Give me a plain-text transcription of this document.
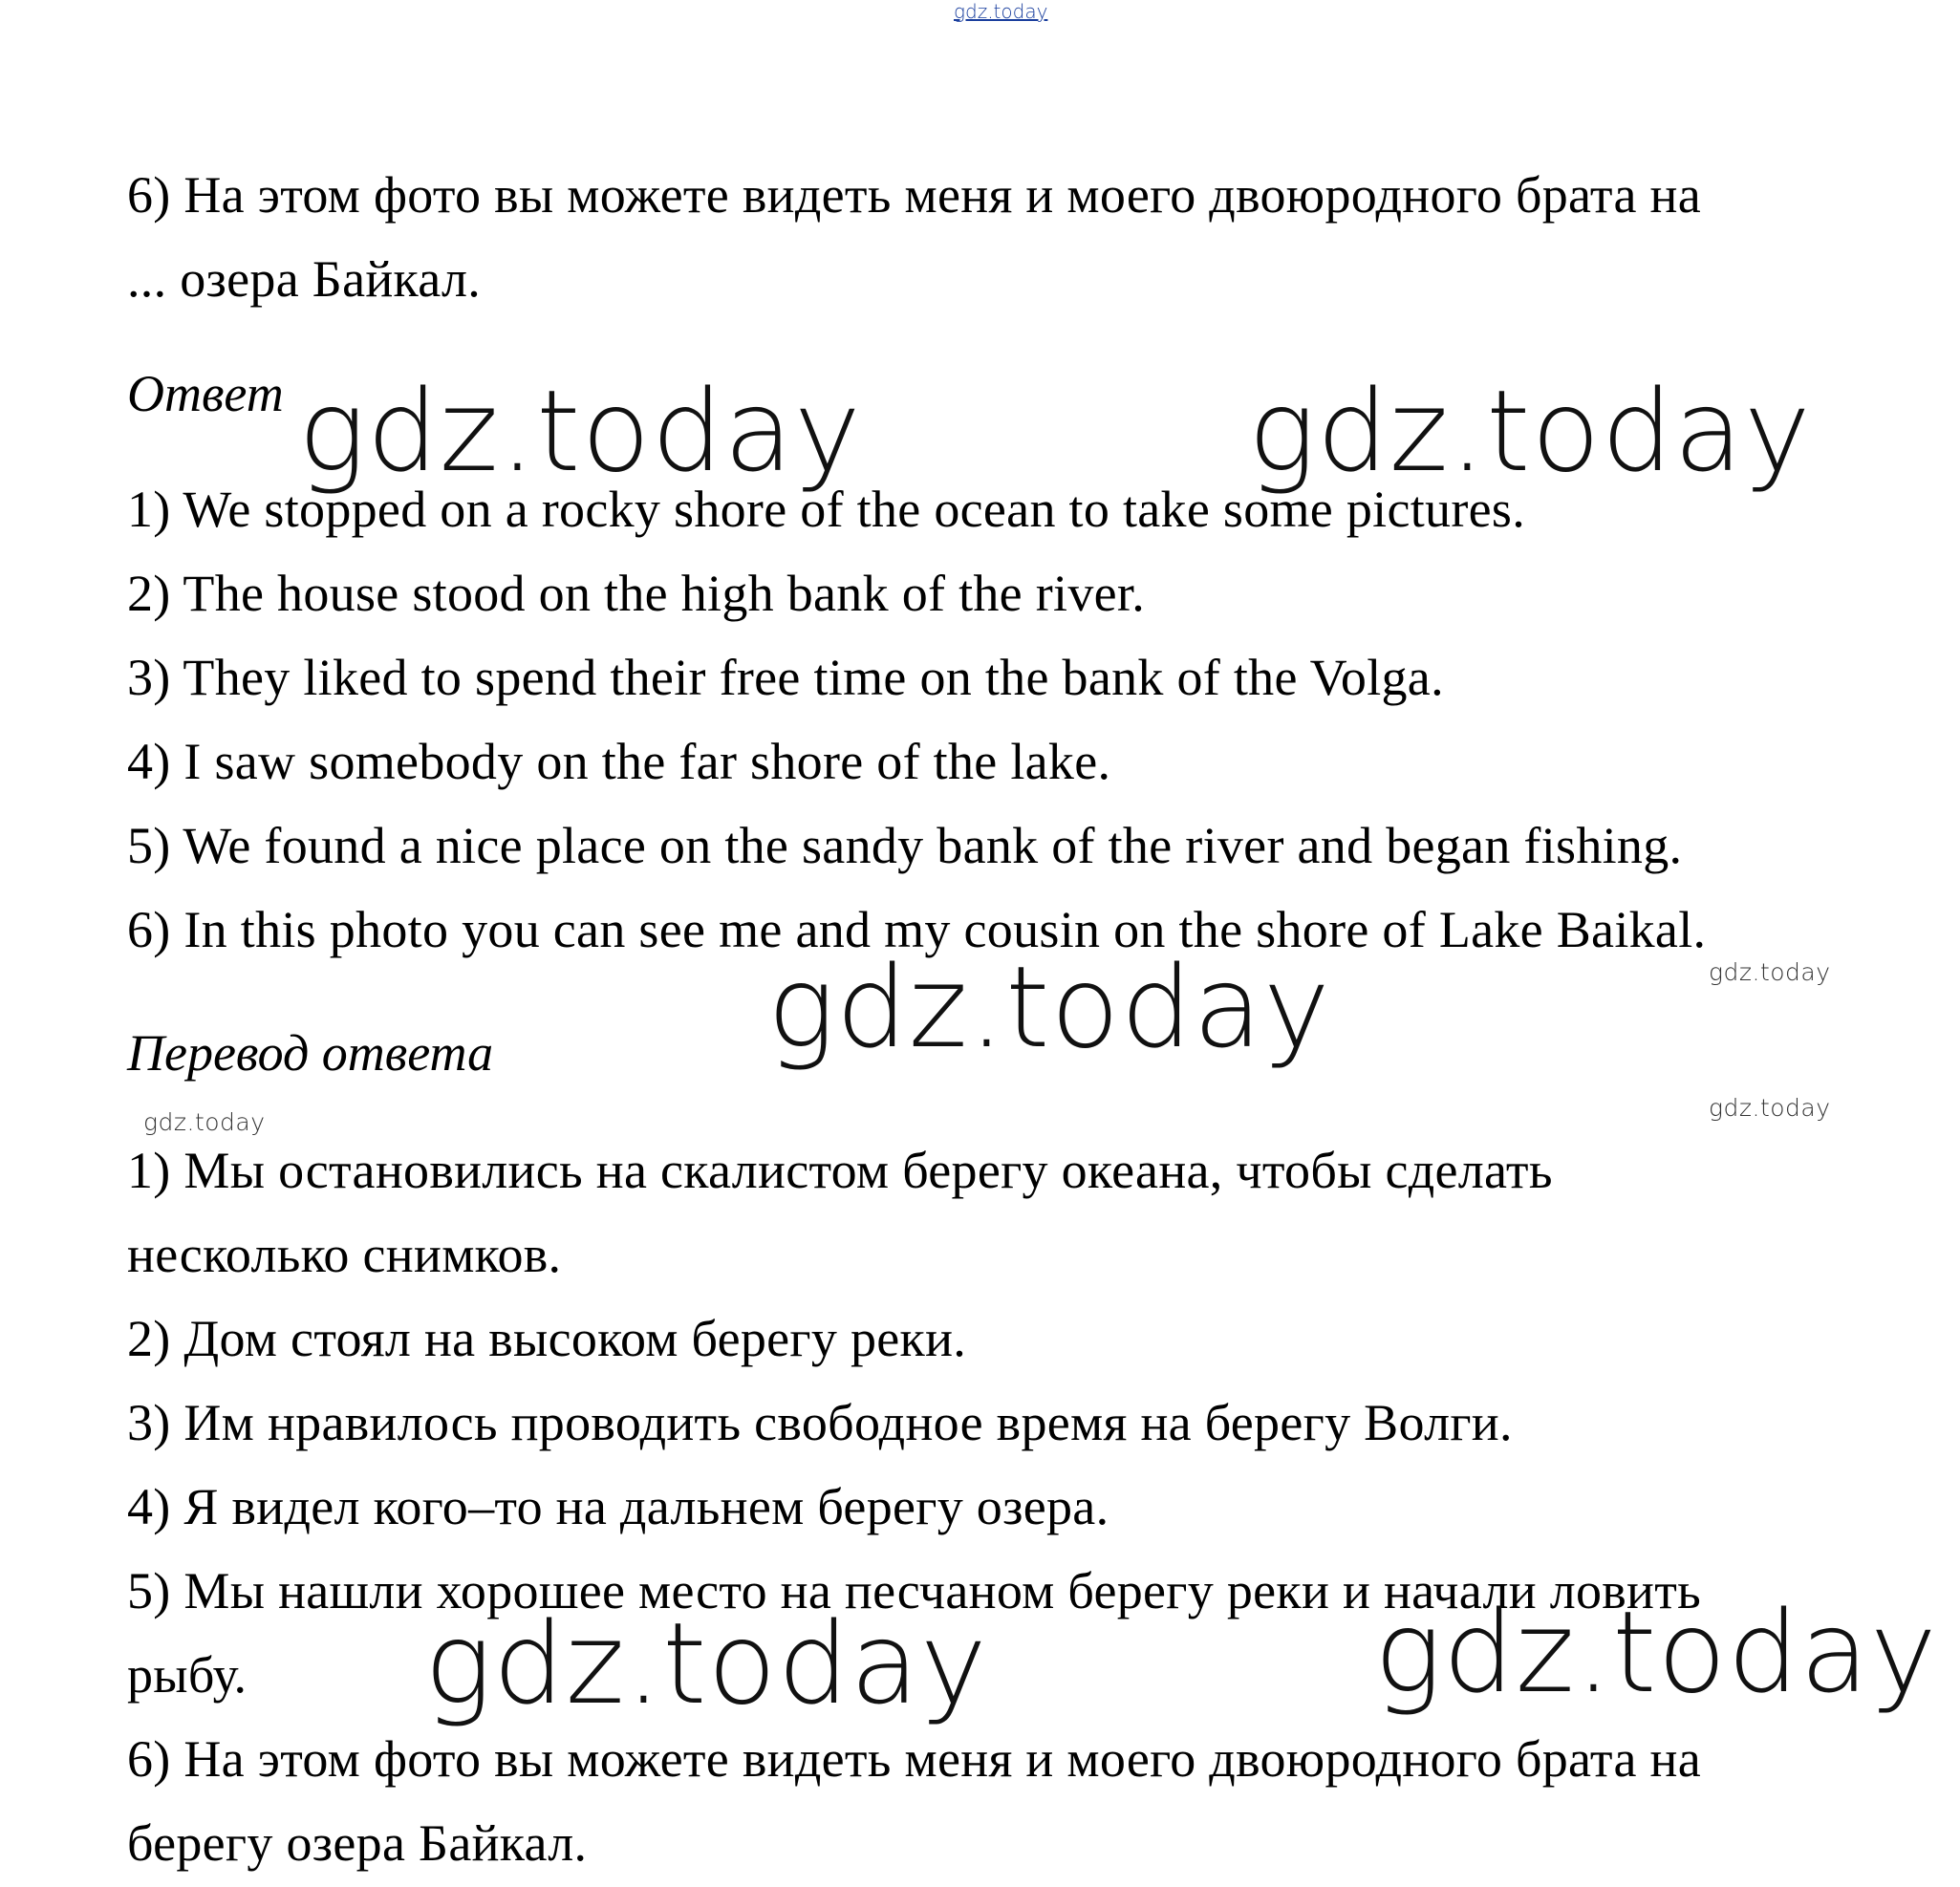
gdz.today
6) На этом фото вы можете видеть меня и моего двоюродного брата на
... озера Байкал.
Ответ gdz.today	gdz.today
1) We stopped on a rocky shore of the ocean to take some pictures.
2) The house stood on the high bank of the river.
3) They liked to spend their free time on the bank of the Volga.
4) I saw somebody on the far shore of the lake.
5) We found a nice place on the sandy bank of the river and began fishing.
6) In this photo you can see me and my cousin on the shore of Lake Baikal.
gdz.today
gdz.today
Перевод ответа
gdz.today
gdz.today
1) Мы остановились на скалистом берегу океана, чтобы сделать
несколько снимков.
2) Дом стоял на высоком берегу реки.
3) Им нравилось проводить свободное время на берегу Волги.
4) Я видел кого–то на дальнем берегу озера.
5) Мы нашли хорошее место на песчаном берегу реки и начали ловить
рыбу. gdz.today	gdz.today
6) На этом фото вы можете видеть меня и моего двоюродного брата на
берегу озера Байкал.
